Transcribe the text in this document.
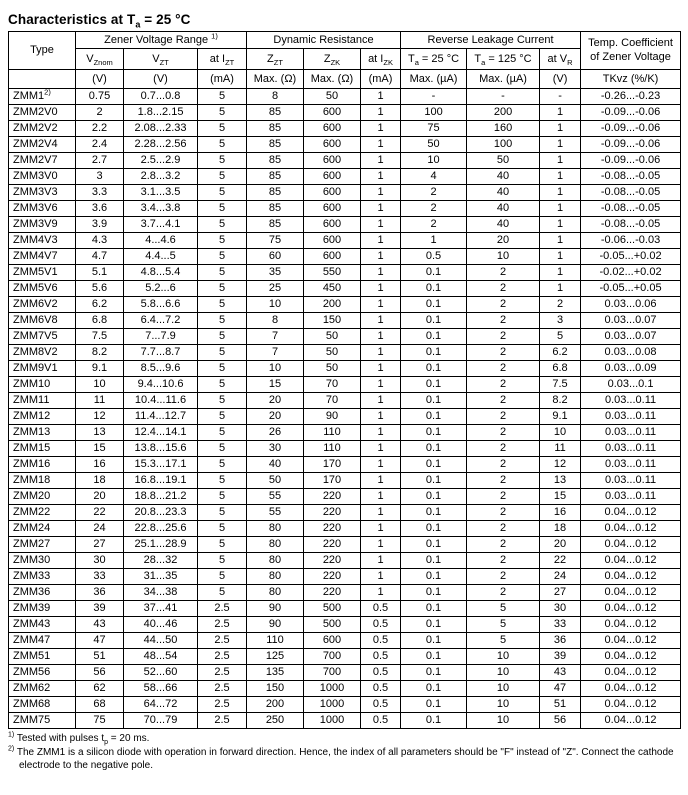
Characteristics at $T_a = 25$ °C
Type	Zener Voltage Range $^{1)}$			Dynamic Resistance			Reverse Leakage Current			Temp. Coefficient
of Zener Voltage
	$V_{Znom}$	$V_{ZT}$	at $I_{ZT}$	$Z_{ZT}$	$Z_{ZK}$	at $I_{ZK}$	$T_a = 25$ °C	$T_a = 125$ °C	at $V_R$
	(V)	(V)	(mA)	Max. (Ω)	Max. (Ω)	(mA)	Max. (µA)	Max. (µA)	(V)	TKvz (%/K)
ZMM1$^{2)}$	0.75	0.7...0.8	5	8	50	1	-	-	-	-0.26...-0.23
ZMM2V0	2	1.8...2.15	5	85	600	1	100	200	1	-0.09...-0.06
ZMM2V2	2.2	2.08...2.33	5	85	600	1	75	160	1	-0.09...-0.06
ZMM2V4	2.4	2.28...2.56	5	85	600	1	50	100	1	-0.09...-0.06
ZMM2V7	2.7	2.5...2.9	5	85	600	1	10	50	1	-0.09...-0.06
ZMM3V0	3	2.8...3.2	5	85	600	1	4	40	1	-0.08...-0.05
ZMM3V3	3.3	3.1...3.5	5	85	600	1	2	40	1	-0.08...-0.05
ZMM3V6	3.6	3.4...3.8	5	85	600	1	2	40	1	-0.08...-0.05
ZMM3V9	3.9	3.7...4.1	5	85	600	1	2	40	1	-0.08...-0.05
ZMM4V3	4.3	4...4.6	5	75	600	1	1	20	1	-0.06...-0.03
ZMM4V7	4.7	4.4...5	5	60	600	1	0.5	10	1	-0.05...+0.02
ZMM5V1	5.1	4.8...5.4	5	35	550	1	0.1	2	1	-0.02...+0.02
ZMM5V6	5.6	5.2...6	5	25	450	1	0.1	2	1	-0.05...+0.05
ZMM6V2	6.2	5.8...6.6	5	10	200	1	0.1	2	2	0.03...0.06
ZMM6V8	6.8	6.4...7.2	5	8	150	1	0.1	2	3	0.03...0.07
ZMM7V5	7.5	7...7.9	5	7	50	1	0.1	2	5	0.03...0.07
ZMM8V2	8.2	7.7...8.7	5	7	50	1	0.1	2	6.2	0.03...0.08
ZMM9V1	9.1	8.5...9.6	5	10	50	1	0.1	2	6.8	0.03...0.09
ZMM10	10	9.4...10.6	5	15	70	1	0.1	2	7.5	0.03...0.1
ZMM11	11	10.4...11.6	5	20	70	1	0.1	2	8.2	0.03...0.11
ZMM12	12	11.4...12.7	5	20	90	1	0.1	2	9.1	0.03...0.11
ZMM13	13	12.4...14.1	5	26	110	1	0.1	2	10	0.03...0.11
ZMM15	15	13.8...15.6	5	30	110	1	0.1	2	11	0.03...0.11
ZMM16	16	15.3...17.1	5	40	170	1	0.1	2	12	0.03...0.11
ZMM18	18	16.8...19.1	5	50	170	1	0.1	2	13	0.03...0.11
ZMM20	20	18.8...21.2	5	55	220	1	0.1	2	15	0.03...0.11
ZMM22	22	20.8...23.3	5	55	220	1	0.1	2	16	0.04...0.12
ZMM24	24	22.8...25.6	5	80	220	1	0.1	2	18	0.04...0.12
ZMM27	27	25.1...28.9	5	80	220	1	0.1	2	20	0.04...0.12
ZMM30	30	28...32	5	80	220	1	0.1	2	22	0.04...0.12
ZMM33	33	31...35	5	80	220	1	0.1	2	24	0.04...0.12
ZMM36	36	34...38	5	80	220	1	0.1	2	27	0.04...0.12
ZMM39	39	37...41	2.5	90	500	0.5	0.1	5	30	0.04...0.12
ZMM43	43	40...46	2.5	90	500	0.5	0.1	5	33	0.04...0.12
ZMM47	47	44...50	2.5	110	600	0.5	0.1	5	36	0.04...0.12
ZMM51	51	48...54	2.5	125	700	0.5	0.1	10	39	0.04...0.12
ZMM56	56	52...60	2.5	135	700	0.5	0.1	10	43	0.04...0.12
ZMM62	62	58...66	2.5	150	1000	0.5	0.1	10	47	0.04...0.12
ZMM68	68	64...72	2.5	200	1000	0.5	0.1	10	51	0.04...0.12
ZMM75	75	70...79	2.5	250	1000	0.5	0.1	10	56	0.04...0.12
$^{1)}$ Tested with pulses $t_p = 20$ ms.
$^{2)}$ The ZMM1 is a silicon diode with operation in forward direction. Hence, the index of all parameters should be "F" instead of "Z". Connect the cathode electrode to the negative pole.
